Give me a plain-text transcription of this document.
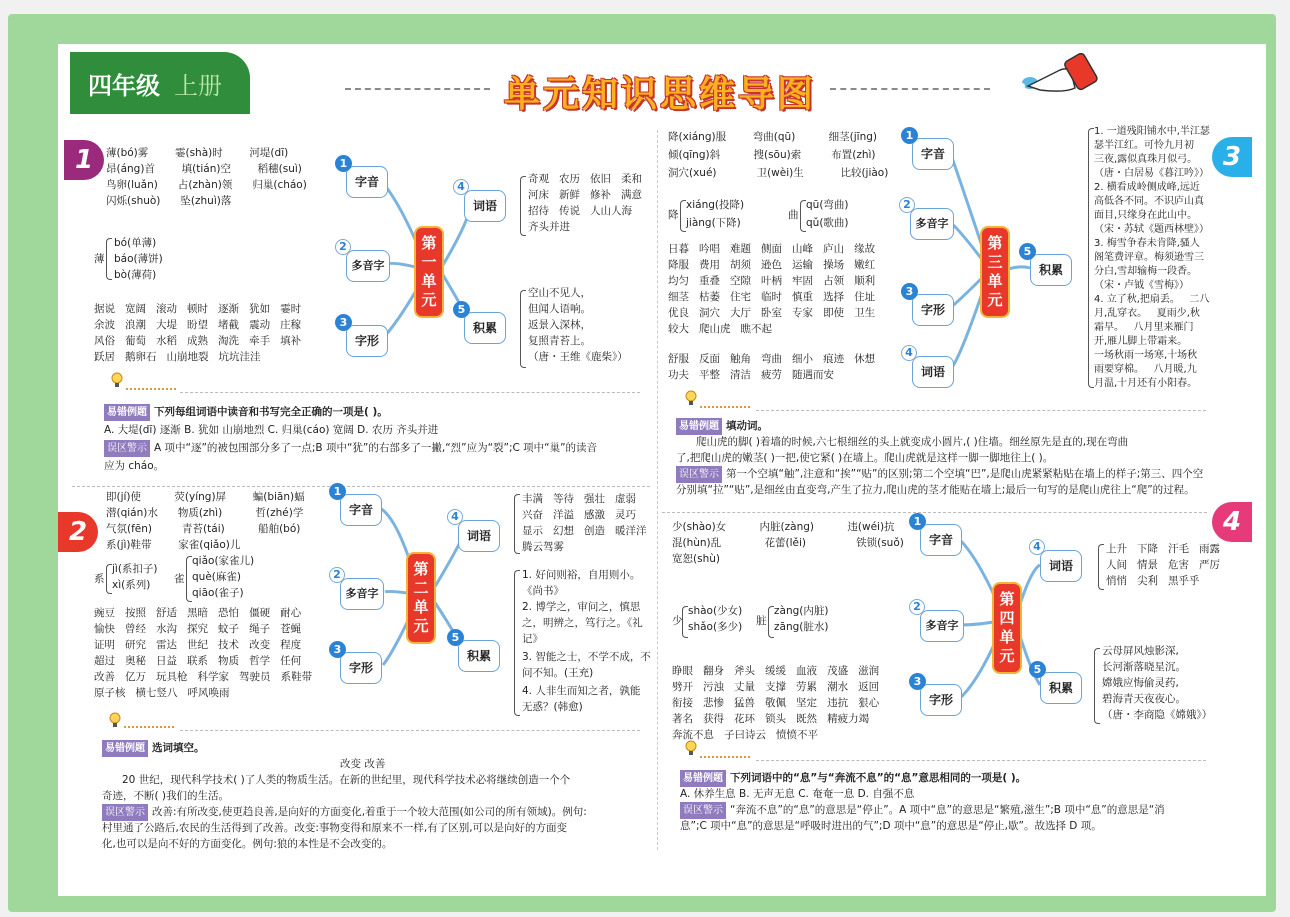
四年级 上册	单元知识思维导图
1
2
3
4
薄(bó)雾        霎(shà)时        河堤(dī)
昂(áng)首        填(tián)空        稻穗(suì)
鸟卵(luǎn)      占(zhàn)领      归巢(cháo)
闪烁(shuò)      坠(zhuì)落
薄
bó(单薄)
báo(薄饼)
bò(薄荷)
据说   宽阔   滚动   顿时   逐渐   犹如   霎时
余波   浪潮   大堤   盼望   堵截   震动   庄稼
风俗   葡萄   水稻   成熟   淘洗   牵手   填补
跃居   鹅卵石   山崩地裂   坑坑洼洼
1
字音
2
多音字
3
字形
4
词语
5
积累
第一单元
奇观   农历   依旧   柔和
河床   新鲜   修补   满意
招待   传说   人山人海
齐头并进
空山不见人，
但闻人语响。
返景入深林，
复照青苔上。
（唐・王维《鹿柴》）
易错例题 下列每组词语中读音和书写完全正确的一项是( )。
A. 大堤(dī) 逐渐 B. 犹如 山崩地烈 C. 归巢(cáo) 宽阔 D. 农历 齐头并进
误区警示 A 项中“逐”的被包围部分多了一点;B 项中“犹”的右部多了一撇,“烈”应为“裂”;C 项中“巢”的读音
应为 cháo。
即(jí)使          荧(yíng)屏        蝙(biān)蝠
潜(qián)水      物质(zhì)          哲(zhé)学
气氛(fēn)         青苔(tái)          船舶(bó)
系(jì)鞋带        家雀(qiǎo)儿
系
jì(系扣子)
xì(系列) 雀
qiǎo(家雀儿)
què(麻雀)
qiāo(雀子)
豌豆   按照   舒适   黑暗   恐怕   僵硬   耐心
愉快   曾经   水沟   探究   蚊子   绳子   苍蝇
证明   研究   雷达   世纪   技术   改变   程度
超过   奥秘   日益   联系   物质   哲学   任何
改善   亿万   玩具枪   科学家   驾驶员   系鞋带
原子核   横七竖八   呼风唤雨
1
字音
2
多音字
3
字形
4
词语
5
积累
第二单元
丰满   等待   强壮   虚弱
兴奋   洋溢   感激   灵巧
显示   幻想   创造   暖洋洋
腾云驾雾
1. 好问则裕，自用则小。
《尚书》
2. 博学之，审问之，慎思
之，明辨之，笃行之。《礼
记》
3. 智能之士，不学不成，不
问不知。(王充)
4. 人非生而知之者，孰能
无惑？(韩愈)
易错例题 选词填空。
改变 改善
20 世纪，现代科学技术( )了人类的物质生活。在新的世纪里，现代科学技术必将继续创造一个个
奇迹，不断( )我们的生活。
误区警示 改善:有所改变,使更趋良善,是向好的方面变化,着重于一个较大范围(如公司的所有领域)。例句:
村里通了公路后,农民的生活得到了改善。改变:事物变得和原来不一样,有了区别,可以是向好的方面变
化,也可以是向不好的方面变化。例句:狼的本性是不会改变的。
降(xiáng)服        弯曲(qū)          细茎(jīng)
倾(qīng)斜          搜(sōu)索         布置(zhì)
洞穴(xué)            卫(wèi)生           比较(jiào)
降
xiáng(投降)
jiàng(下降)
曲
qū(弯曲)
qǔ(歌曲)
日暮   吟唱   难题   侧面   山峰   庐山   缘故
降服   费用   胡须   逊色   运输   操场   嫩红
均匀   重叠   空隙   叶柄   牢固   占领   顺利
细茎   枯萎   住宅   临时   慎重   选择   住址
优良   洞穴   大厅   卧室   专家   即使   卫生
较大   爬山虎   瞧不起
舒服   反面   触角   弯曲   细小   痕迹   休想
功夫   平整   清洁   疲劳   随遇而安
1
字音
2
多音字
3
字形
4
词语
5
积累
第三单元
1. 一道残阳铺水中,半江瑟
瑟半江红。可怜九月初
三夜,露似真珠月似弓。
（唐・白居易《暮江吟》）
2. 横看成岭侧成峰,远近
高低各不同。不识庐山真
面目,只缘身在此山中。
（宋・苏轼《题西林壁》）
3. 梅雪争春未肯降,骚人
阁笔费评章。梅须逊雪三
分白,雪却输梅一段香。
（宋・卢钺《雪梅》）
4. 立了秋,把扇丢。   二八
月,乱穿衣。   夏雨少,秋
霜早。   八月里来雁门
开,雁儿脚上带霜来。
一场秋雨一场寒,十场秋
雨要穿棉。   八月暖,九
月温,十月还有小阳春。
易错例题 填动词。
爬山虎的脚( )着墙的时候,六七根细丝的头上就变成小圆片,( )住墙。细丝原先是直的,现在弯曲
了,把爬山虎的嫩茎( )一把,使它紧( )在墙上。爬山虎就是这样一脚一脚地往上( )。
误区警示 第一个空填“触”,注意和“挨”“贴”的区别;第二个空填“巴”,是爬山虎紧紧粘贴在墙上的样子;第三、四个空
分别填“拉”“贴”,是细丝由直变弯,产生了拉力,爬山虎的茎才能贴在墙上;最后一句写的是爬山虎往上“爬”的过程。
少(shào)女          内脏(zàng)          违(wéi)抗
混(hùn)乱             花蕾(lěi)               铁锁(suǒ)
宽恕(shù)
少
shào(少女)
shǎo(多少) 脏
zàng(内脏)
zāng(脏水)
睁眼   翻身   斧头   缓缓   血液   茂盛   滋润
劈开   污浊   丈量   支撑   劳累   潮水   返回
衔接   悲惨   猛兽   敬佩   坚定   违抗   狠心
著名   获得   花环   锁头   既然   精疲力竭
奔流不息   子曰诗云   愤愤不平
1
字音
2
多音字
3
字形
4
词语
5
积累
第四单元
上升   下降   汗毛   雨露
人间   情景   危害   严厉
悄悄   尖利   黑乎乎
云母屏风烛影深,
长河渐落晓星沉。
嫦娥应悔偷灵药,
碧海青天夜夜心。
（唐・李商隐《嫦娥》）
易错例题 下列词语中的“息”与“奔流不息”的“息”意思相同的一项是( )。
A. 休养生息 B. 无声无息 C. 奄奄一息 D. 自强不息
误区警示 “奔流不息”的“息”的意思是“停止”。A 项中“息”的意思是“繁殖,滋生”;B 项中“息”的意思是“消
息”;C 项中“息”的意思是“呼吸时进出的气”;D 项中“息”的意思是“停止,歇”。故选择 D 项。
